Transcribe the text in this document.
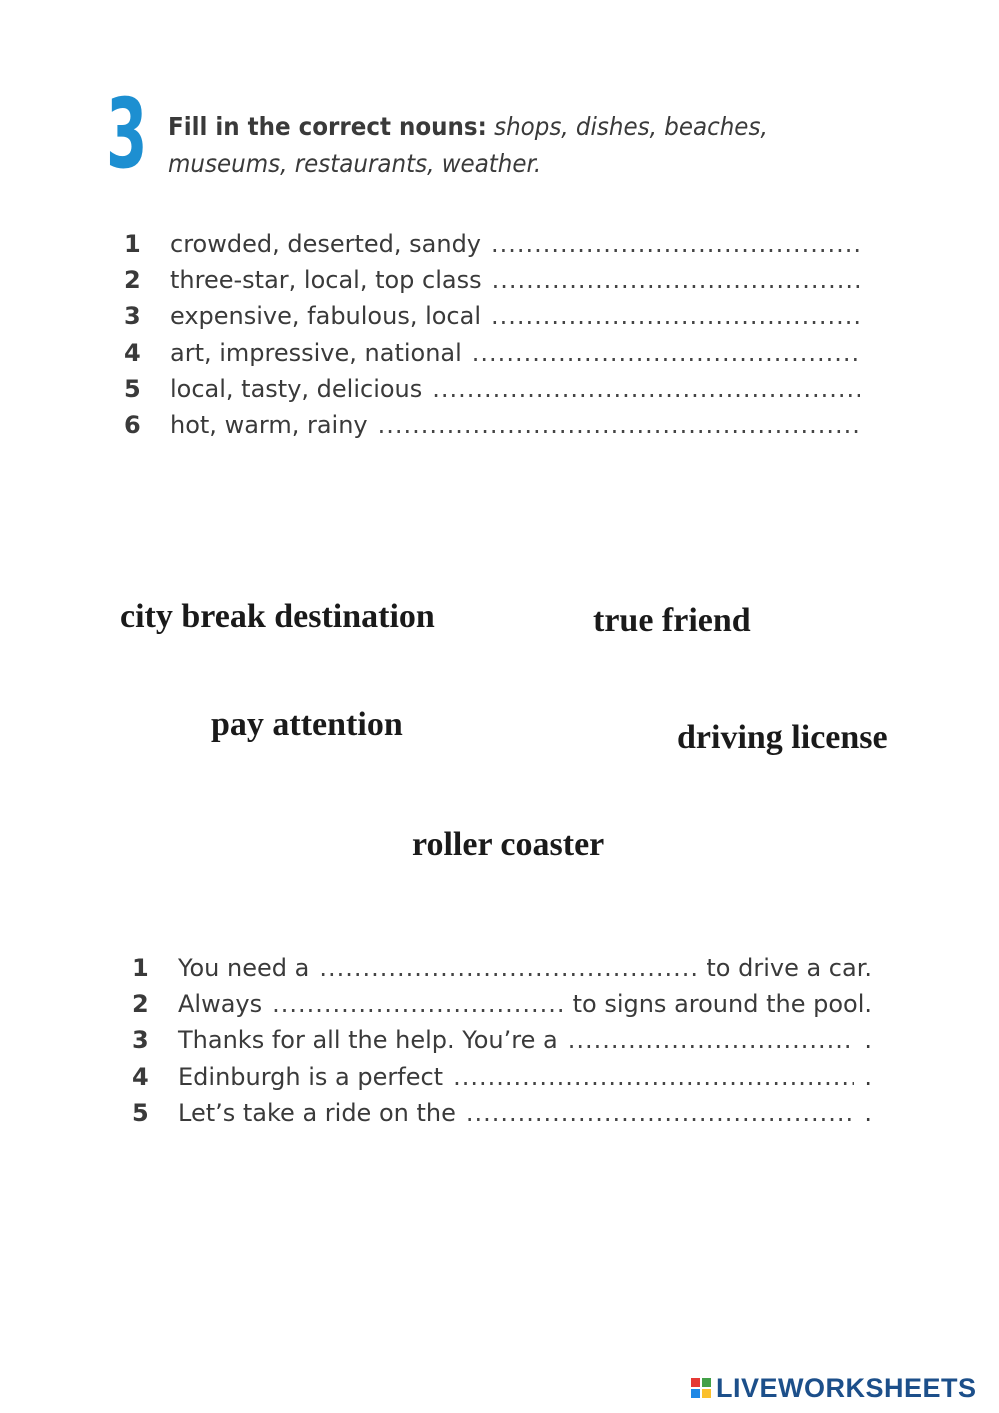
3 Fill in the correct nouns: shops, dishes, beaches,
museums, restaurants, weather.
1	crowded, deserted, sandy
.....
2	three-star, local, top class
.....
3	expensive, fabulous, local
.....
4	art, impressive, national
.....
5	local, tasty, delicious
.....
6	hot, warm, rainy
.....
city break destination	true friend
pay attention	driving license
roller coaster
1	You need a .....	to drive a car.
2	Always .....	to signs around the pool.
3	Thanks for all the help. You’re a .....	.
4	Edinburgh is a perfect .....	.
5	Let’s take a ride on the .....	.
LIVEWORKSHEETS
